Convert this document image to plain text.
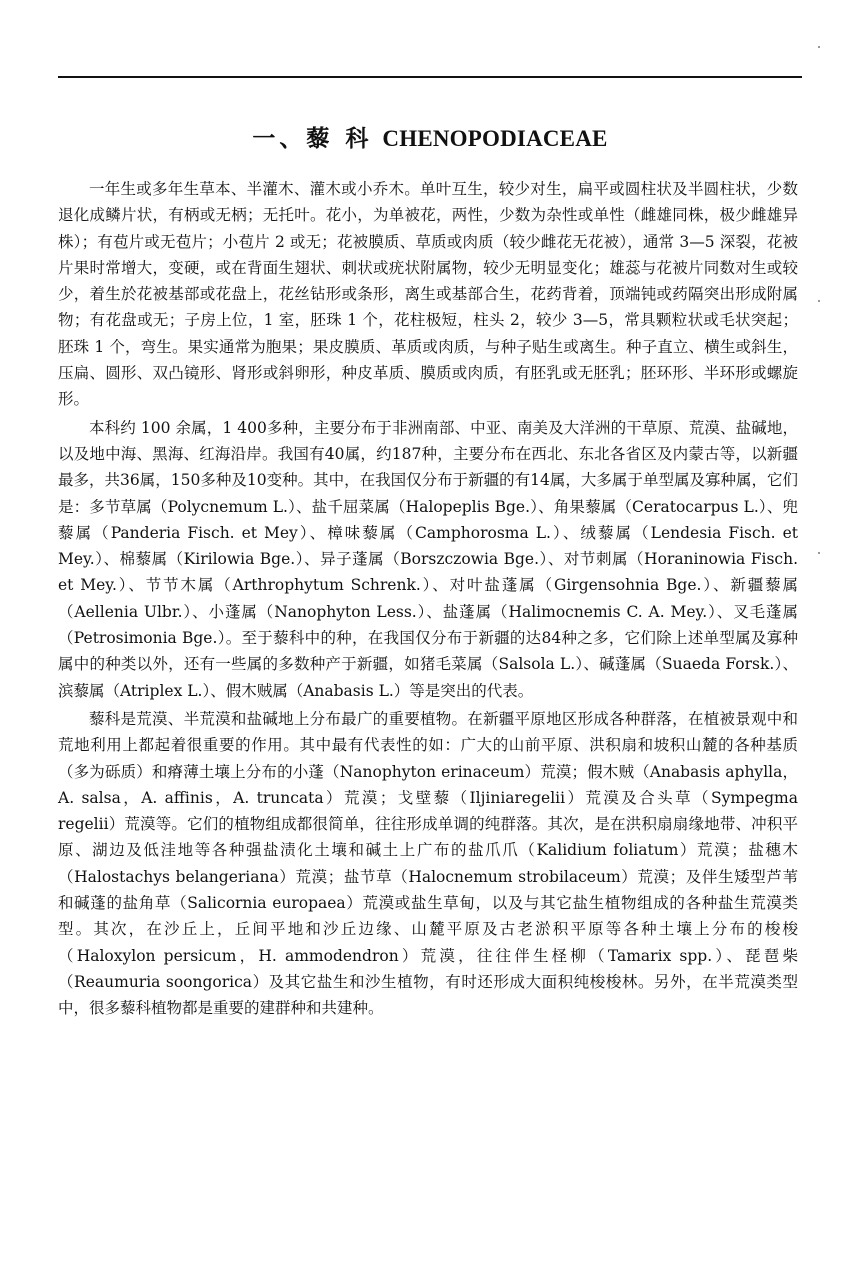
一、藜 科 CHENOPODIACEAE

一年生或多年生草本、半灌木、灌木或小乔木。单叶互生，较少对生，扁平或圆柱状及半圆柱状，少数退化成鳞片状，有柄或无柄；无托叶。花小，为单被花，两性，少数为杂性或单性（雌雄同株，极少雌雄异株）；有苞片或无苞片；小苞片 2 或无；花被膜质、草质或肉质（较少雌花无花被），通常 3—5 深裂，花被片果时常增大，变硬，或在背面生翅状、刺状或疣状附属物，较少无明显变化；雄蕊与花被片同数对生或较少，着生於花被基部或花盘上，花丝钻形或条形，离生或基部合生，花药背着，顶端钝或药隔突出形成附属物；有花盘或无；子房上位，1 室，胚珠 1 个，花柱极短，柱头 2，较少 3—5，常具颗粒状或毛状突起；胚珠 1 个，弯生。果实通常为胞果；果皮膜质、革质或肉质，与种子贴生或离生。种子直立、横生或斜生，压扁、圆形、双凸镜形、肾形或斜卵形，种皮革质、膜质或肉质，有胚乳或无胚乳；胚环形、半环形或螺旋形。

本科约 100 余属，1 400多种，主要分布于非洲南部、中亚、南美及大洋洲的干草原、荒漠、盐碱地，以及地中海、黑海、红海沿岸。我国有40属，约187种，主要分布在西北、东北各省区及内蒙古等，以新疆最多，共36属，150多种及10变种。其中，在我国仅分布于新疆的有14属，大多属于单型属及寡种属，它们是：多节草属（Polycnemum L.）、盐千屈菜属（Halopeplis Bge.）、角果藜属（Ceratocarpus L.）、兜藜属（Panderia Fisch. et Mey）、樟味藜属（Camphorosma L.）、绒藜属（Lendesia Fisch. et Mey.）、棉藜属（Kirilowia Bge.）、异子蓬属（Borszczowia Bge.）、对节刺属（Horaninowia Fisch. et Mey.）、节节木属（Arthrophytum Schrenk.）、对叶盐蓬属（Girgensohnia Bge.）、新疆藜属（Aellenia Ulbr.）、小蓬属（Nanophyton Less.）、盐蓬属（Halimocnemis C. A. Mey.）、叉毛蓬属（Petrosimonia Bge.）。至于藜科中的种，在我国仅分布于新疆的达84种之多，它们除上述单型属及寡种属中的种类以外，还有一些属的多数种产于新疆，如猪毛菜属（Salsola L.）、碱蓬属（Suaeda Forsk.）、滨藜属（Atriplex L.）、假木贼属（Anabasis L.）等是突出的代表。

藜科是荒漠、半荒漠和盐碱地上分布最广的重要植物。在新疆平原地区形成各种群落，在植被景观中和荒地利用上都起着很重要的作用。其中最有代表性的如：广大的山前平原、洪积扇和坡积山麓的各种基质（多为砾质）和瘠薄土壤上分布的小蓬（Nanophyton erinaceum）荒漠；假木贼（Anabasis aphylla，A. salsa，A. affinis，A. truncata）荒漠；戈壁藜（Iljiniaregelii）荒漠及合头草（Sympegma regelii）荒漠等。它们的植物组成都很简单，往往形成单调的纯群落。其次，是在洪积扇扇缘地带、冲积平原、湖边及低洼地等各种强盐渍化土壤和碱土上广布的盐爪爪（Kalidium foliatum）荒漠；盐穗木（Halostachys belangeriana）荒漠；盐节草（Halocnemum strobilaceum）荒漠；及伴生矮型芦苇和碱蓬的盐角草（Salicornia europaea）荒漠或盐生草甸，以及与其它盐生植物组成的各种盐生荒漠类型。其次，在沙丘上，丘间平地和沙丘边缘、山麓平原及古老淤积平原等各种土壤上分布的梭梭（Haloxylon persicum，H. ammodendron）荒漠，往往伴生柽柳（Tamarix spp.）、琵琶柴（Reaumuria soongorica）及其它盐生和沙生植物，有时还形成大面积纯梭梭林。另外，在半荒漠类型中，很多藜科植物都是重要的建群种和共建种。
